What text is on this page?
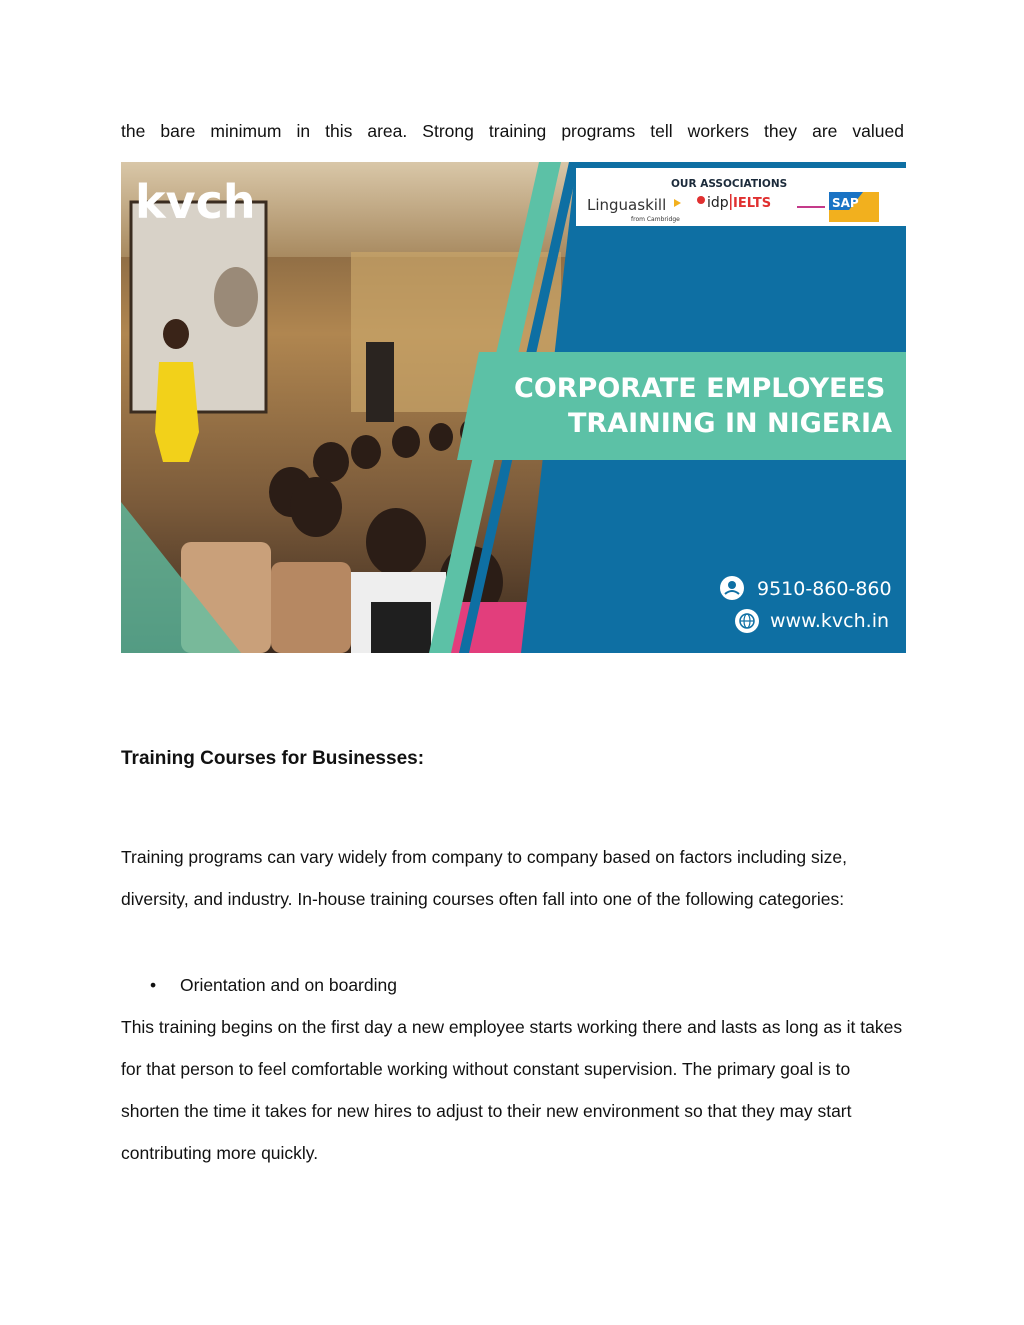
the bare minimum in this area. Strong training programs tell workers they are valued

OUR ASSOCIATIONS
Linguaskill
from Cambridge
idp IELTS	SAP
kvch
CORPORATE EMPLOYEES
TRAINING IN NIGERIA
9510-860-860
www.kvch.in
Training Courses for Businesses:

Training programs can vary widely from company to company based on factors including size, diversity, and industry. In-house training courses often fall into one of the following categories:

• Orientation and on boarding

This training begins on the first day a new employee starts working there and lasts as long as it takes for that person to feel comfortable working without constant supervision. The primary goal is to shorten the time it takes for new hires to adjust to their new environment so that they may start contributing more quickly.
